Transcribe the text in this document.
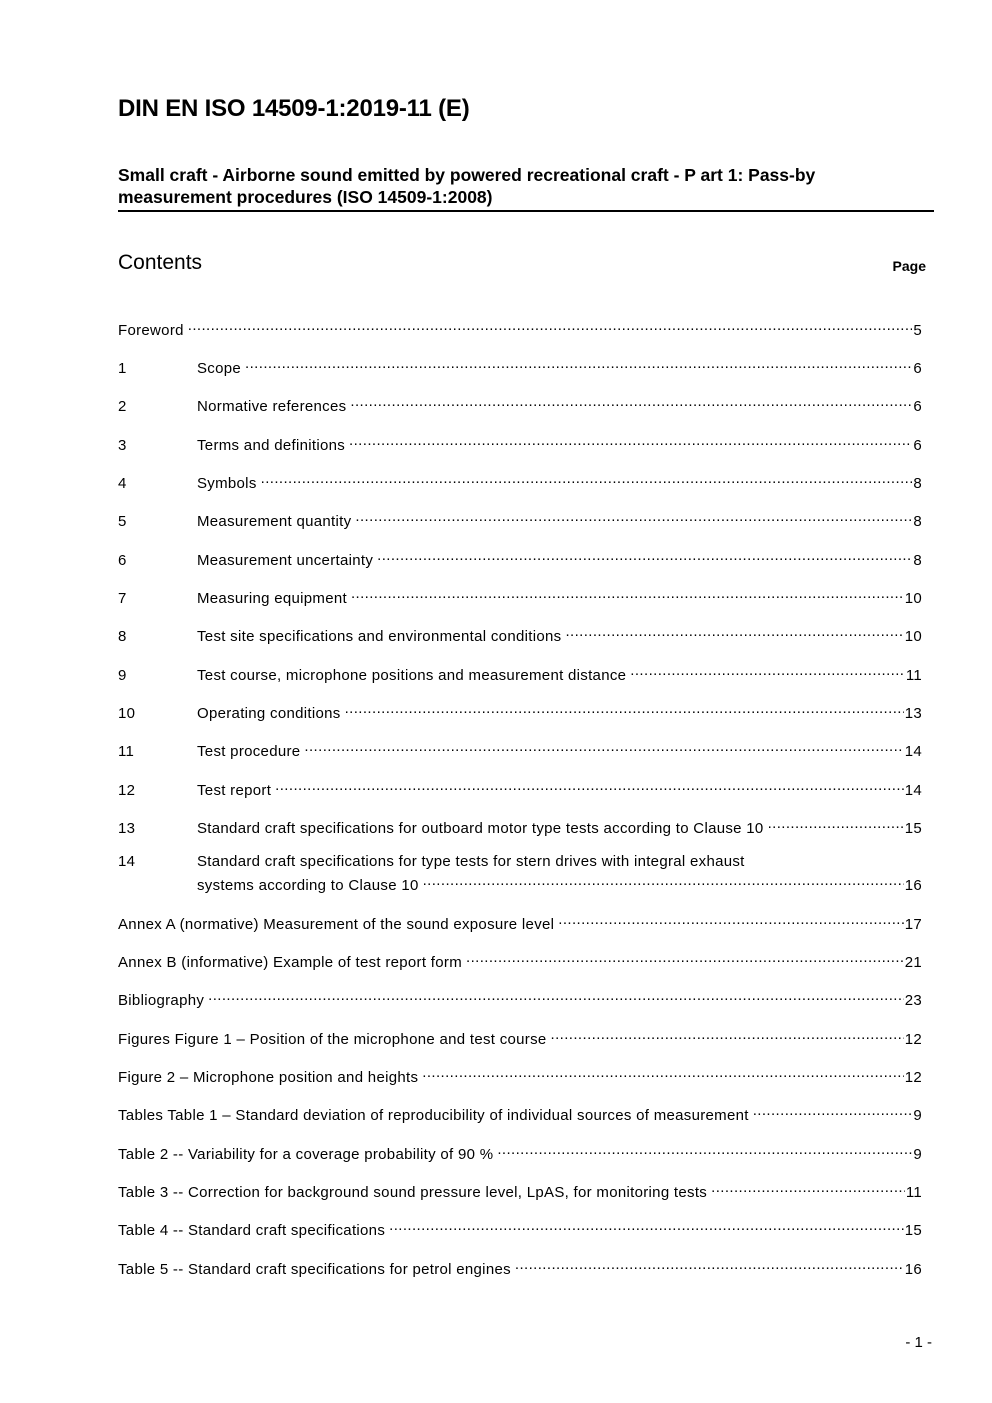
DIN EN ISO 14509-1:2019-11 (E)
Small craft - Airborne sound emitted by powered recreational craft - P art 1: Pass-by measurement procedures (ISO 14509-1:2008)
Contents	Page
Foreword .....	5
1	Scope .....	6
2	Normative references .....	6
3	Terms and definitions .....	6
4	Symbols .....	8
5	Measurement quantity .....	8
6	Measurement uncertainty .....	8
7	Measuring equipment .....	10
8	Test site specifications and environmental conditions .....	10
9	Test course, microphone positions and measurement distance .....	11
10	Operating conditions .....	13
11	Test procedure .....	14
12	Test report .....	14
13	Standard craft specifications for outboard motor type tests according to Clause 10 .....	15
14	Standard craft specifications for type tests for stern drives with integral exhaust
systems according to Clause 10 .....	16
Annex A (normative) Measurement of the sound exposure level .....	17
Annex B (informative) Example of test report form .....	21
Bibliography .....	23
Figures Figure 1 – Position of the microphone and test course .....	12
Figure 2 – Microphone position and heights .....	12
Tables Table 1 – Standard deviation of reproducibility of individual sources of measurement .....	9
Table 2 -- Variability for a coverage probability of 90 % .....	9
Table 3 -- Correction for background sound pressure level, LpAS, for monitoring tests .....	11
Table 4 -- Standard craft specifications .....	15
Table 5 -- Standard craft specifications for petrol engines .....	16
- 1 -
